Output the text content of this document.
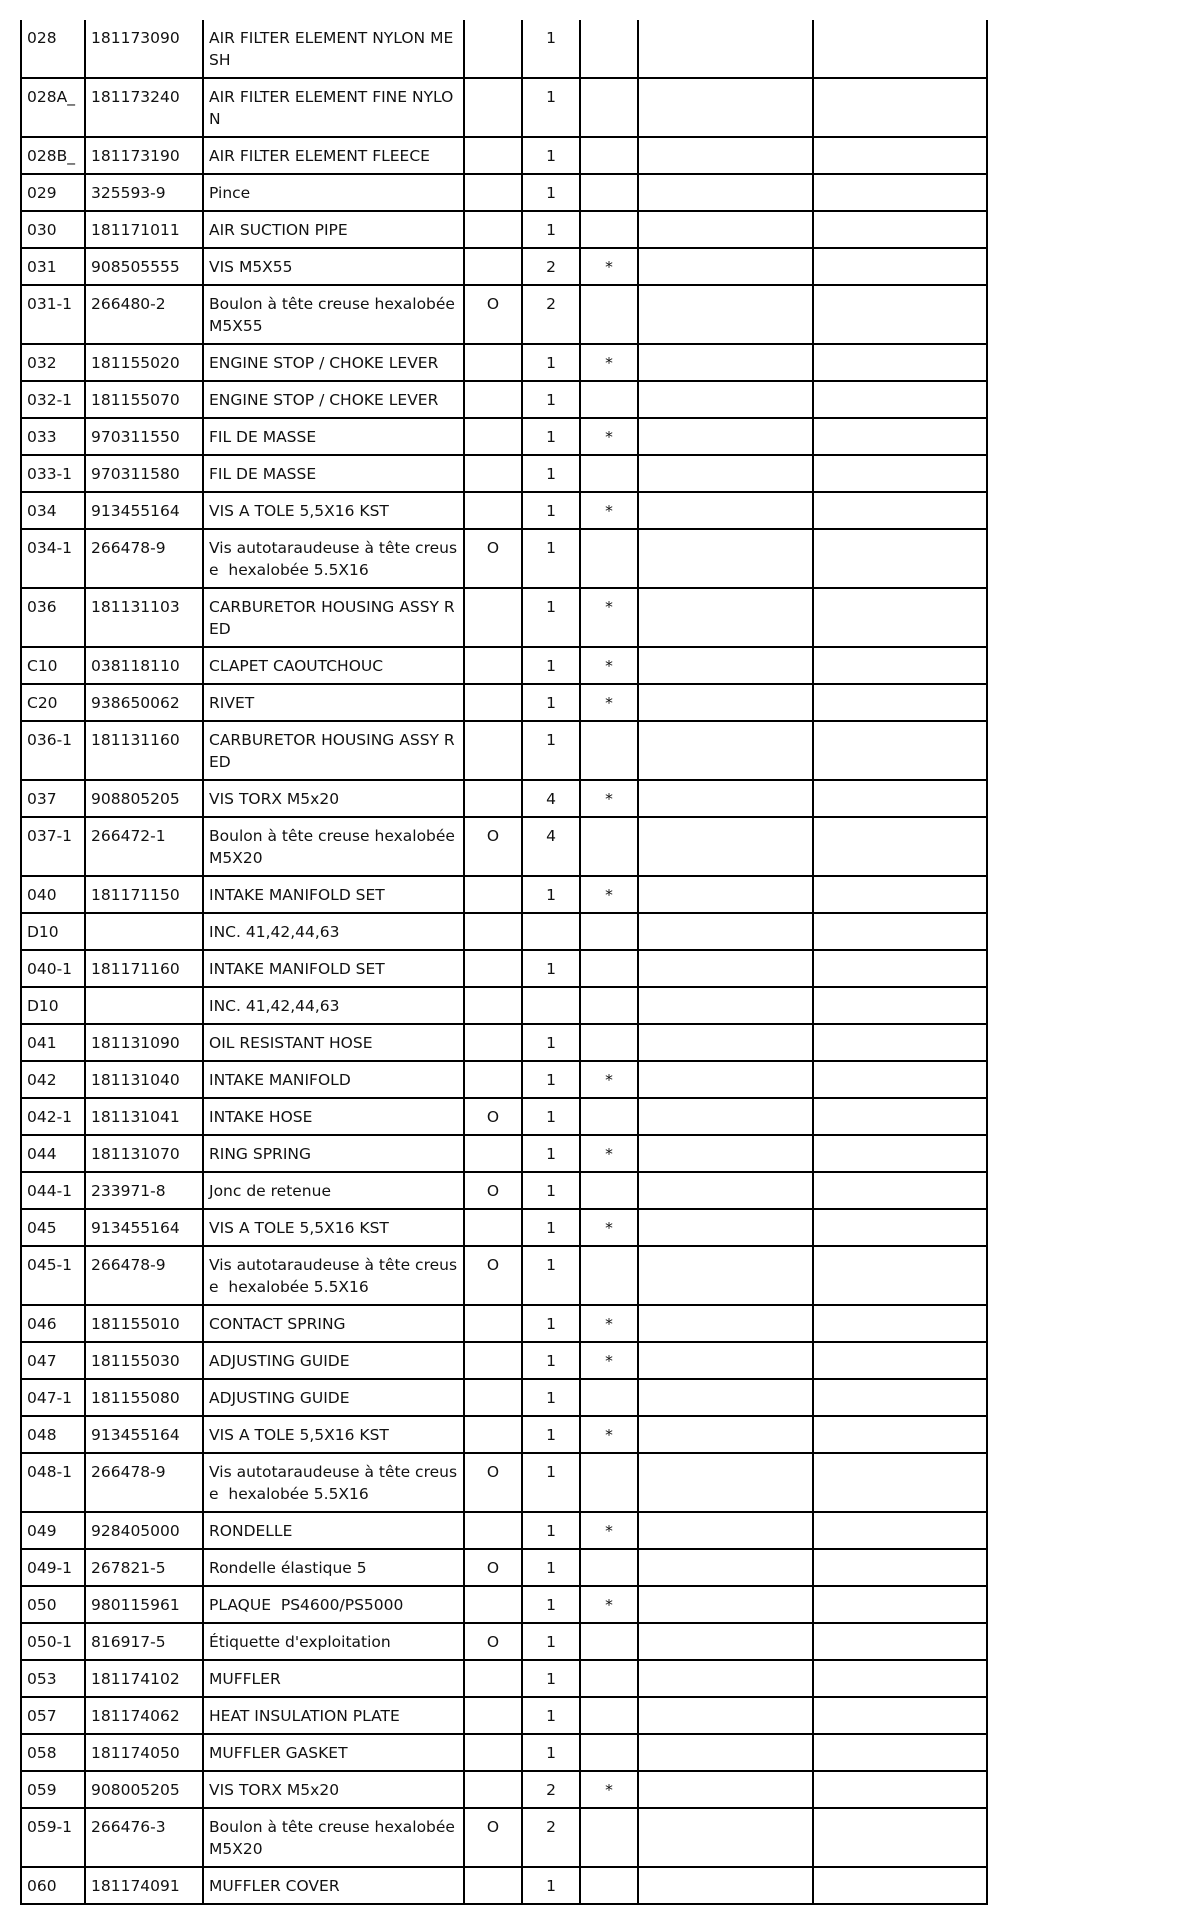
028	181173090	AIR FILTER ELEMENT NYLON MESH		1			
028A_	181173240	AIR FILTER ELEMENT FINE NYLON		1			
028B_	181173190	AIR FILTER ELEMENT FLEECE		1			
029	325593-9	Pince		1			
030	181171011	AIR SUCTION PIPE		1			
031	908505555	VIS M5X55		2	*		
031-1	266480-2	Boulon à tête creuse hexalobée M5X55	O	2			
032	181155020	ENGINE STOP / CHOKE LEVER		1	*		
032-1	181155070	ENGINE STOP / CHOKE LEVER		1			
033	970311550	FIL DE MASSE		1	*		
033-1	970311580	FIL DE MASSE		1			
034	913455164	VIS A TOLE 5,5X16 KST		1	*		
034-1	266478-9	Vis autotaraudeuse à tête creuse  hexalobée 5.5X16	O	1			
036	181131103	CARBURETOR HOUSING ASSY RED		1	*		
C10	038118110	CLAPET CAOUTCHOUC		1	*		
C20	938650062	RIVET		1	*		
036-1	181131160	CARBURETOR HOUSING ASSY RED		1			
037	908805205	VIS TORX M5x20		4	*		
037-1	266472-1	Boulon à tête creuse hexalobée M5X20	O	4			
040	181171150	INTAKE MANIFOLD SET		1	*		
D10		INC. 41,42,44,63					
040-1	181171160	INTAKE MANIFOLD SET		1			
D10		INC. 41,42,44,63					
041	181131090	OIL RESISTANT HOSE		1			
042	181131040	INTAKE MANIFOLD		1	*		
042-1	181131041	INTAKE HOSE	O	1			
044	181131070	RING SPRING		1	*		
044-1	233971-8	Jonc de retenue	O	1			
045	913455164	VIS A TOLE 5,5X16 KST		1	*		
045-1	266478-9	Vis autotaraudeuse à tête creuse  hexalobée 5.5X16	O	1			
046	181155010	CONTACT SPRING		1	*		
047	181155030	ADJUSTING GUIDE		1	*		
047-1	181155080	ADJUSTING GUIDE		1			
048	913455164	VIS A TOLE 5,5X16 KST		1	*		
048-1	266478-9	Vis autotaraudeuse à tête creuse  hexalobée 5.5X16	O	1			
049	928405000	RONDELLE		1	*		
049-1	267821-5	Rondelle élastique 5	O	1			
050	980115961	PLAQUE  PS4600/PS5000		1	*		
050-1	816917-5	Étiquette d'exploitation	O	1			
053	181174102	MUFFLER		1			
057	181174062	HEAT INSULATION PLATE		1			
058	181174050	MUFFLER GASKET		1			
059	908005205	VIS TORX M5x20		2	*		
059-1	266476-3	Boulon à tête creuse hexalobée M5X20	O	2			
060	181174091	MUFFLER COVER		1			
